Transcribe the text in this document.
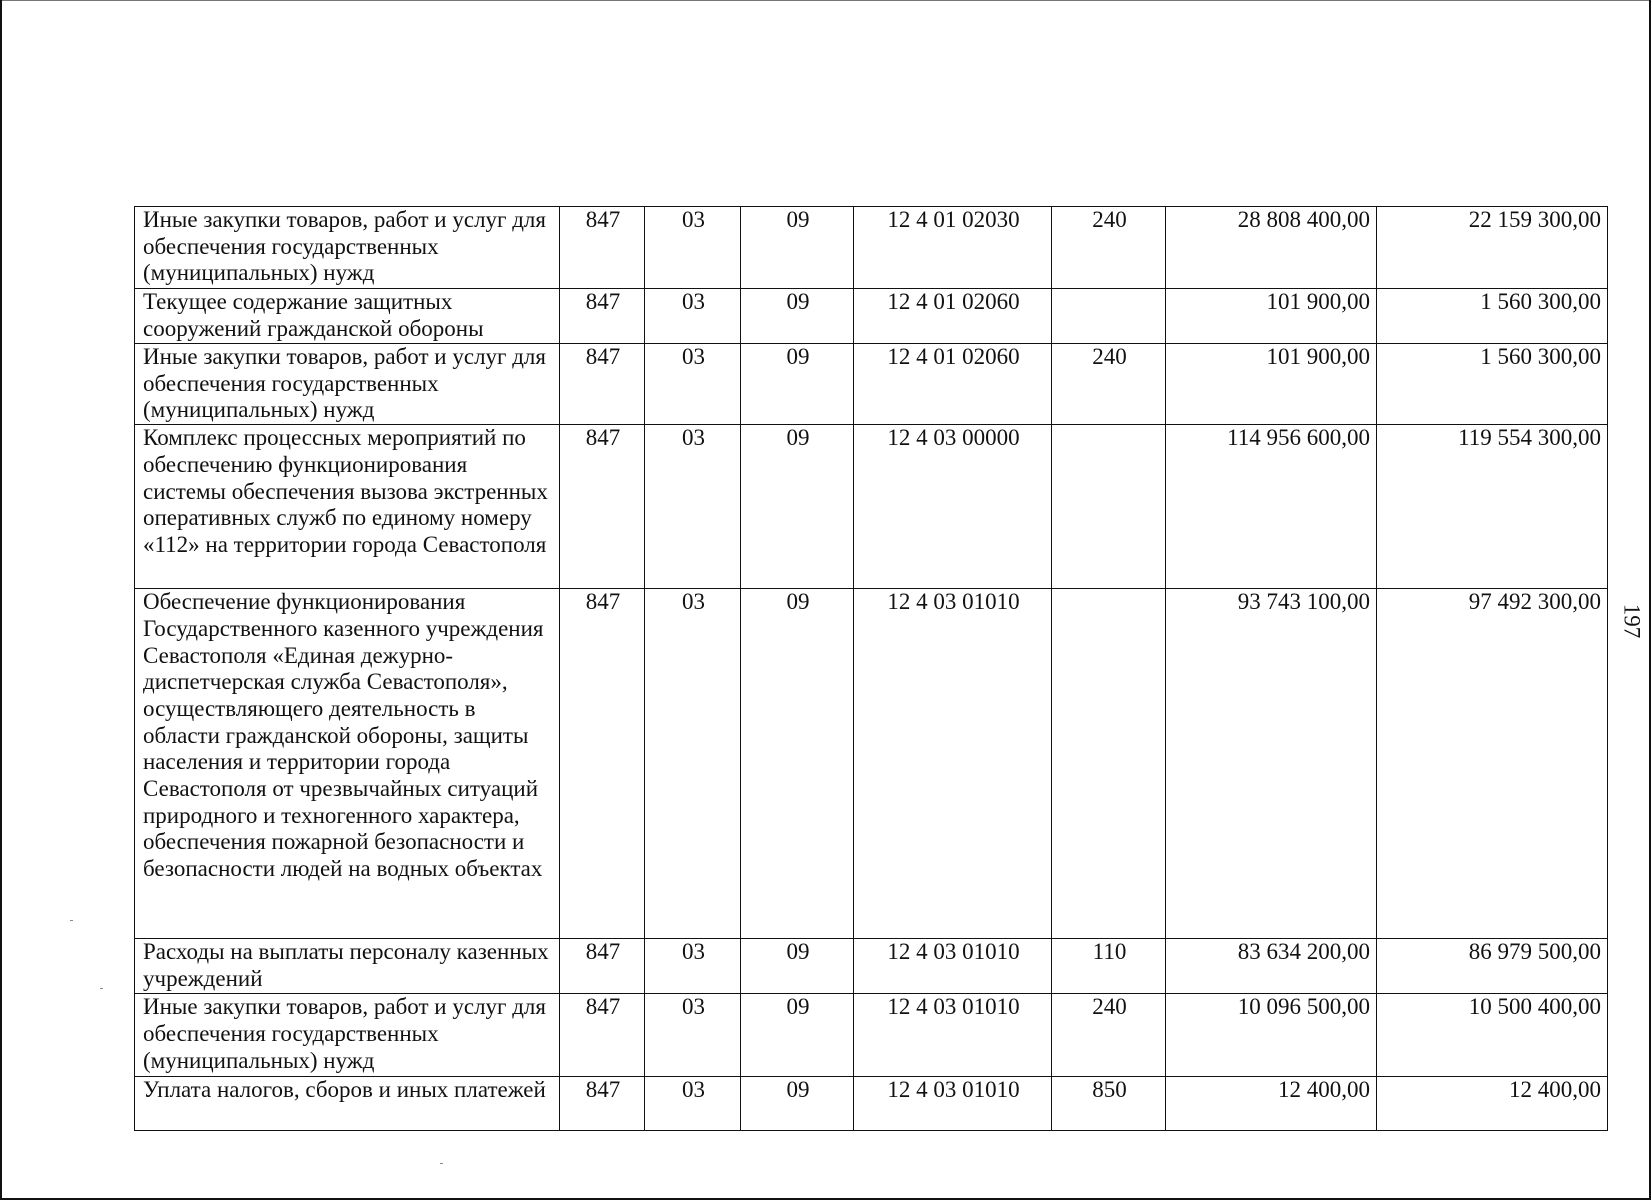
Иные закупки товаров, работ и услуг для обеспечения государственных (муниципальных) нужд	847	03	09	12 4 01 02030	240	28 808 400,00	22 159 300,00
Текущее содержание защитных сооружений гражданской обороны	847	03	09	12 4 01 02060		101 900,00	1 560 300,00
Иные закупки товаров, работ и услуг для обеспечения государственных (муниципальных) нужд	847	03	09	12 4 01 02060	240	101 900,00	1 560 300,00
Комплекс процессных мероприятий по обеспечению функционирования системы обеспечения вызова экстренных оперативных служб по единому номеру «112» на территории города Севастополя	847	03	09	12 4 03 00000		114 956 600,00	119 554 300,00
Обеспечение функционирования Государственного казенного учреждения Севастополя «Единая дежурно-диспетчерская служба Севастополя», осуществляющего деятельность в области гражданской обороны, защиты населения и территории города Севастополя от чрезвычайных ситуаций природного и техногенного характера, обеспечения пожарной безопасности и безопасности людей на водных объектах	847	03	09	12 4 03 01010		93 743 100,00	97 492 300,00
Расходы на выплаты персоналу казенных учреждений	847	03	09	12 4 03 01010	110	83 634 200,00	86 979 500,00
Иные закупки товаров, работ и услуг для обеспечения государственных (муниципальных) нужд	847	03	09	12 4 03 01010	240	10 096 500,00	10 500 400,00
Уплата налогов, сборов и иных платежей	847	03	09	12 4 03 01010	850	12 400,00	12 400,00
197
